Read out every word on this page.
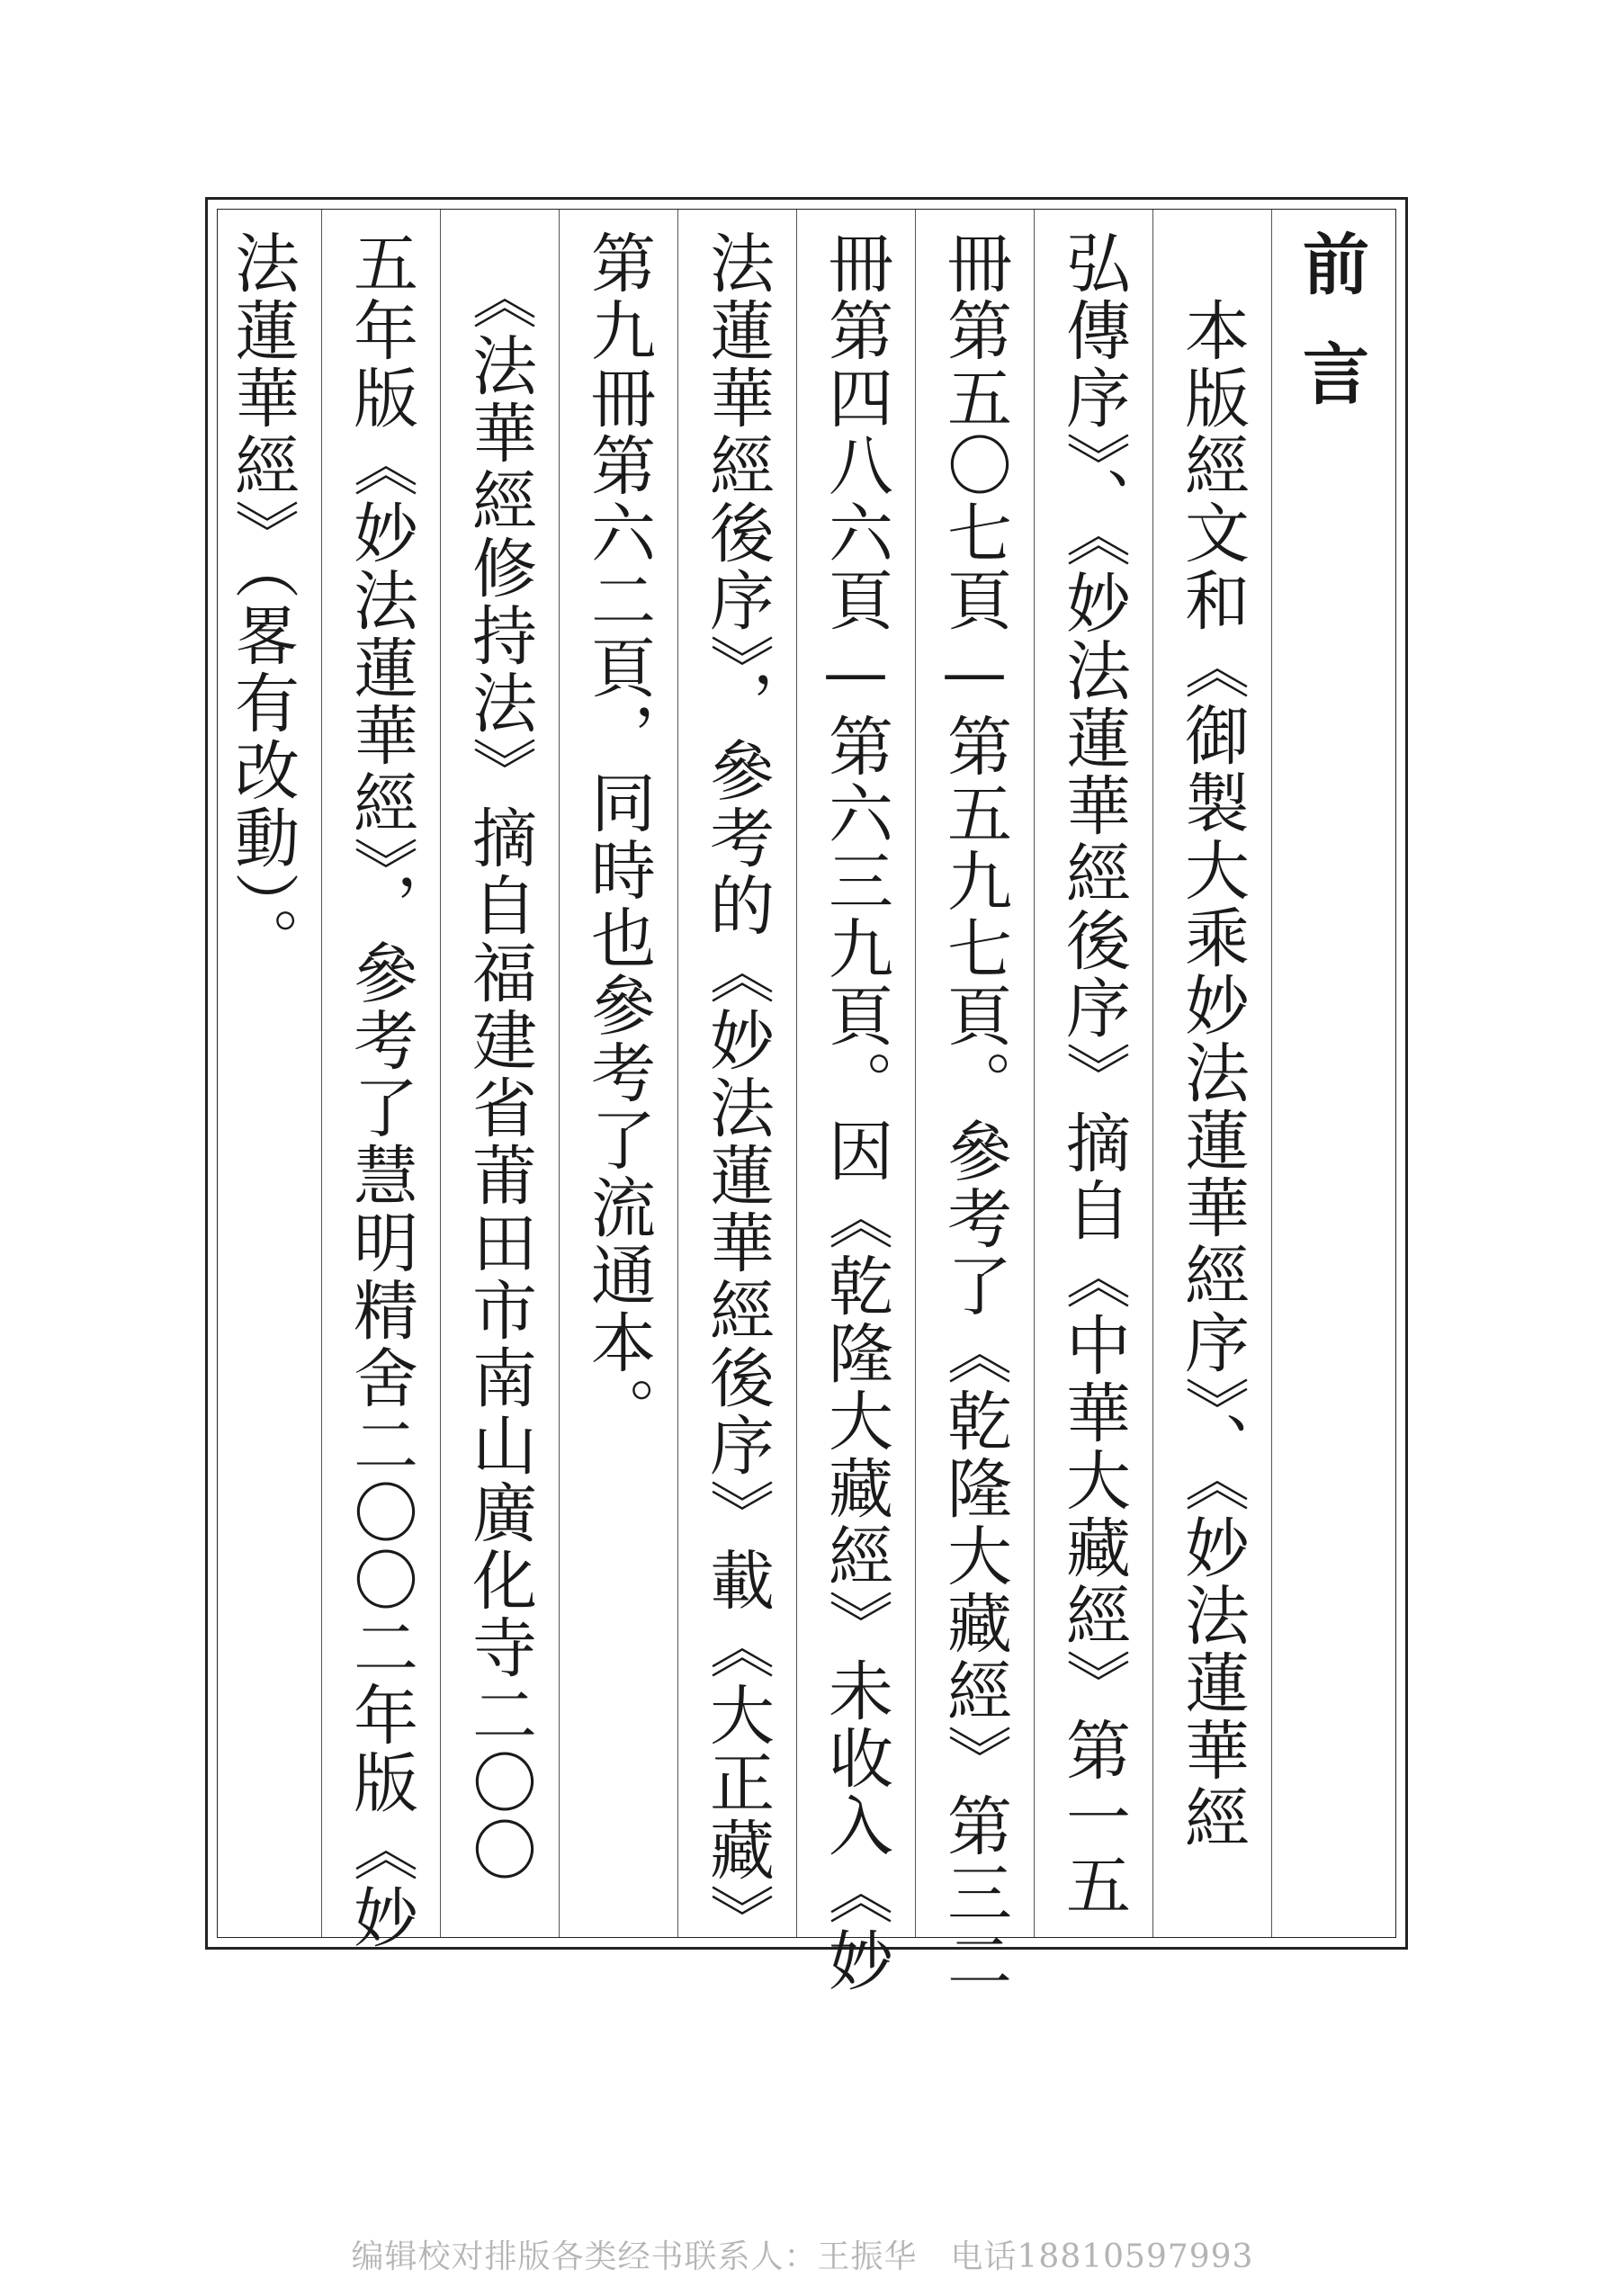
前言
　本版經文和《御製大乘妙法蓮華經序》、《妙法蓮華經
弘傳序》、《妙法蓮華經後序》摘自《中華大藏經》第一五
冊第五〇七頁—第五九七頁。參考了《乾隆大藏經》第三二
冊第四八六頁—第六三九頁。因《乾隆大藏經》未收入《妙
法蓮華經後序》，參考的《妙法蓮華經後序》載《大正藏》
第九冊第六二頁，同時也參考了流通本。
　《法華經修持法》摘自福建省莆田市南山廣化寺二〇〇
五年版《妙法蓮華經》，參考了慧明精舍二〇〇二年版《妙
法蓮華經》（畧有改動）。
编辑校对排版各类经书联系人：王振华　电话18810597993
